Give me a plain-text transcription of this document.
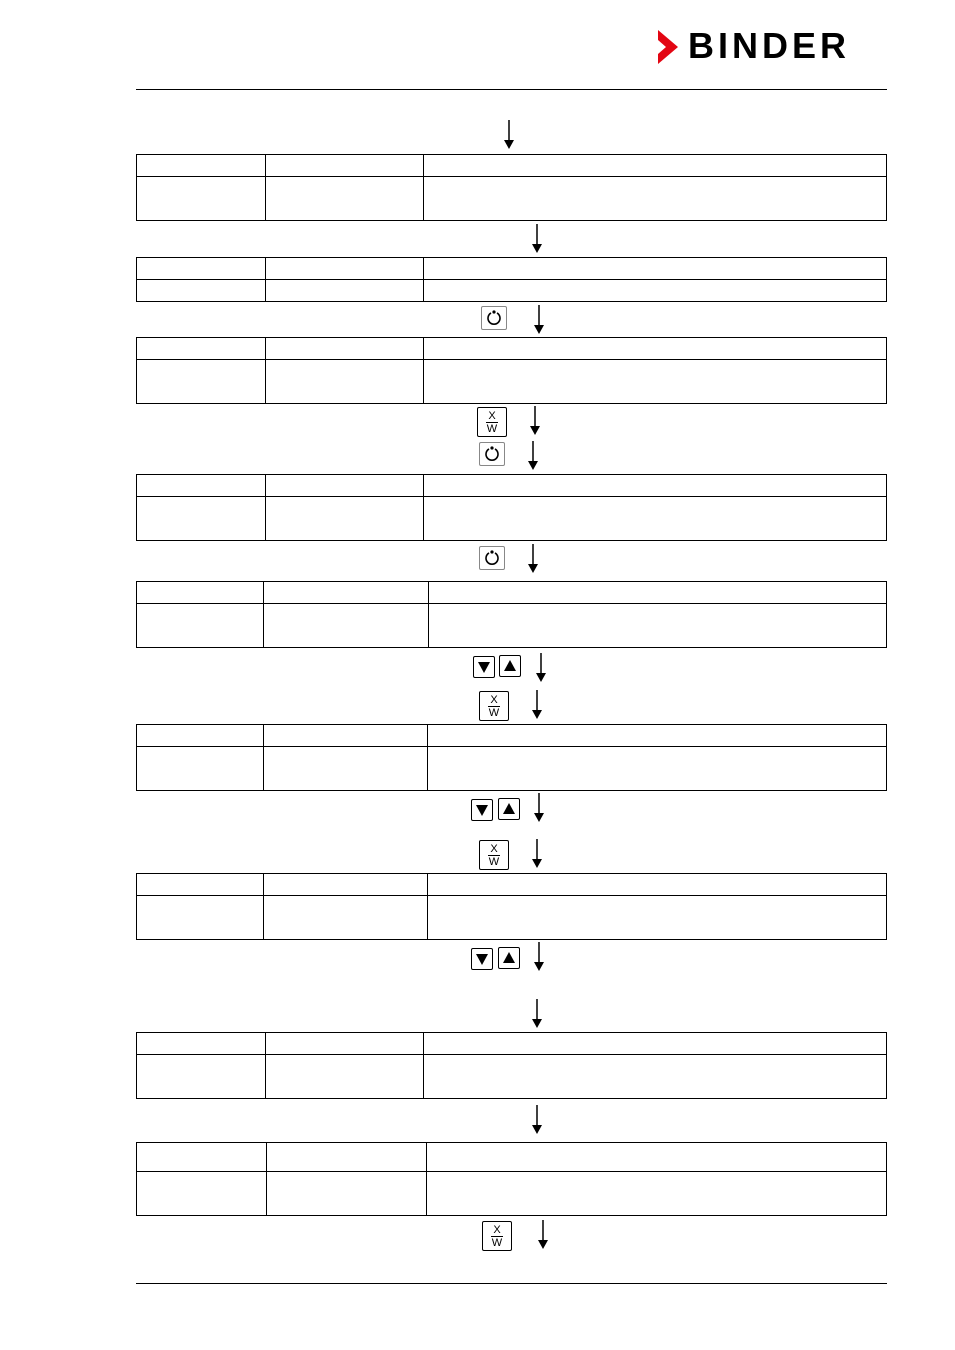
BINDER

X
W

X
W

X
W

X
W
